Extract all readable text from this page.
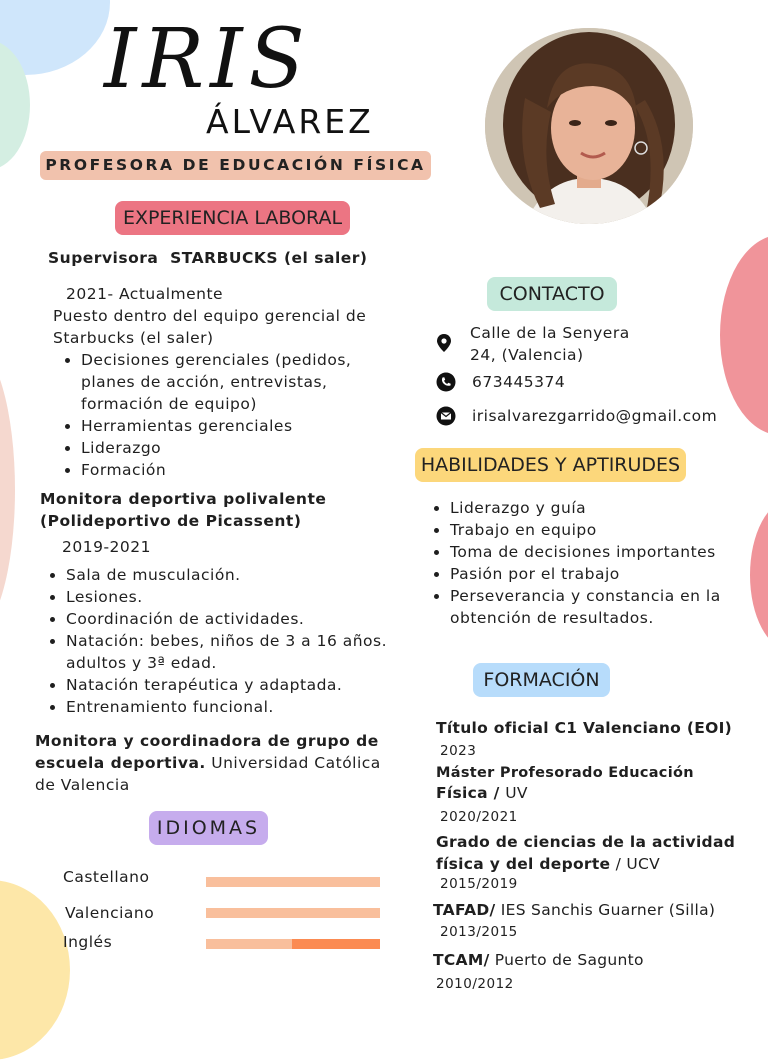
IRIS
ÁLVAREZ
PROFESORA DE EDUCACIÓN FÍSICA
EXPERIENCIA LABORAL
Supervisora  STARBUCKS (el saler)
2021- Actualmente
Puesto dentro del equipo gerencial de
Starbucks (el saler)
• Decisiones gerenciales (pedidos, planes de acción, entrevistas, formación de equipo)
• Herramientas gerenciales
• Liderazgo
• Formación
Monitora deportiva polivalente
(Polideportivo de Picassent)
2019-2021
• Sala de musculación.
• Lesiones.
• Coordinación de actividades.
• Natación: bebes, niños de 3 a 16 años. adultos y 3ª edad.
• Natación terapéutica y adaptada.
• Entrenamiento funcional.
Monitora y coordinadora de grupo de escuela deportiva. Universidad Católica de Valencia
IDIOMAS
Castellano
Valenciano
Inglés
CONTACTO
Calle de la Senyera
24, (Valencia)
673445374
irisalvarezgarrido@gmail.com
HABILIDADES Y APTIRUDES
• Liderazgo y guía
• Trabajo en equipo
• Toma de decisiones importantes
• Pasión por el trabajo
• Perseverancia y constancia en la obtención de resultados.
FORMACIÓN
Título oficial C1 Valenciano (EOI)
2023
Máster Profesorado Educación
Física / UV
2020/2021
Grado de ciencias de la actividad
física y del deporte / UCV
2015/2019
TAFAD/ IES Sanchis Guarner (Silla)
2013/2015
TCAM/ Puerto de Sagunto
2010/2012
